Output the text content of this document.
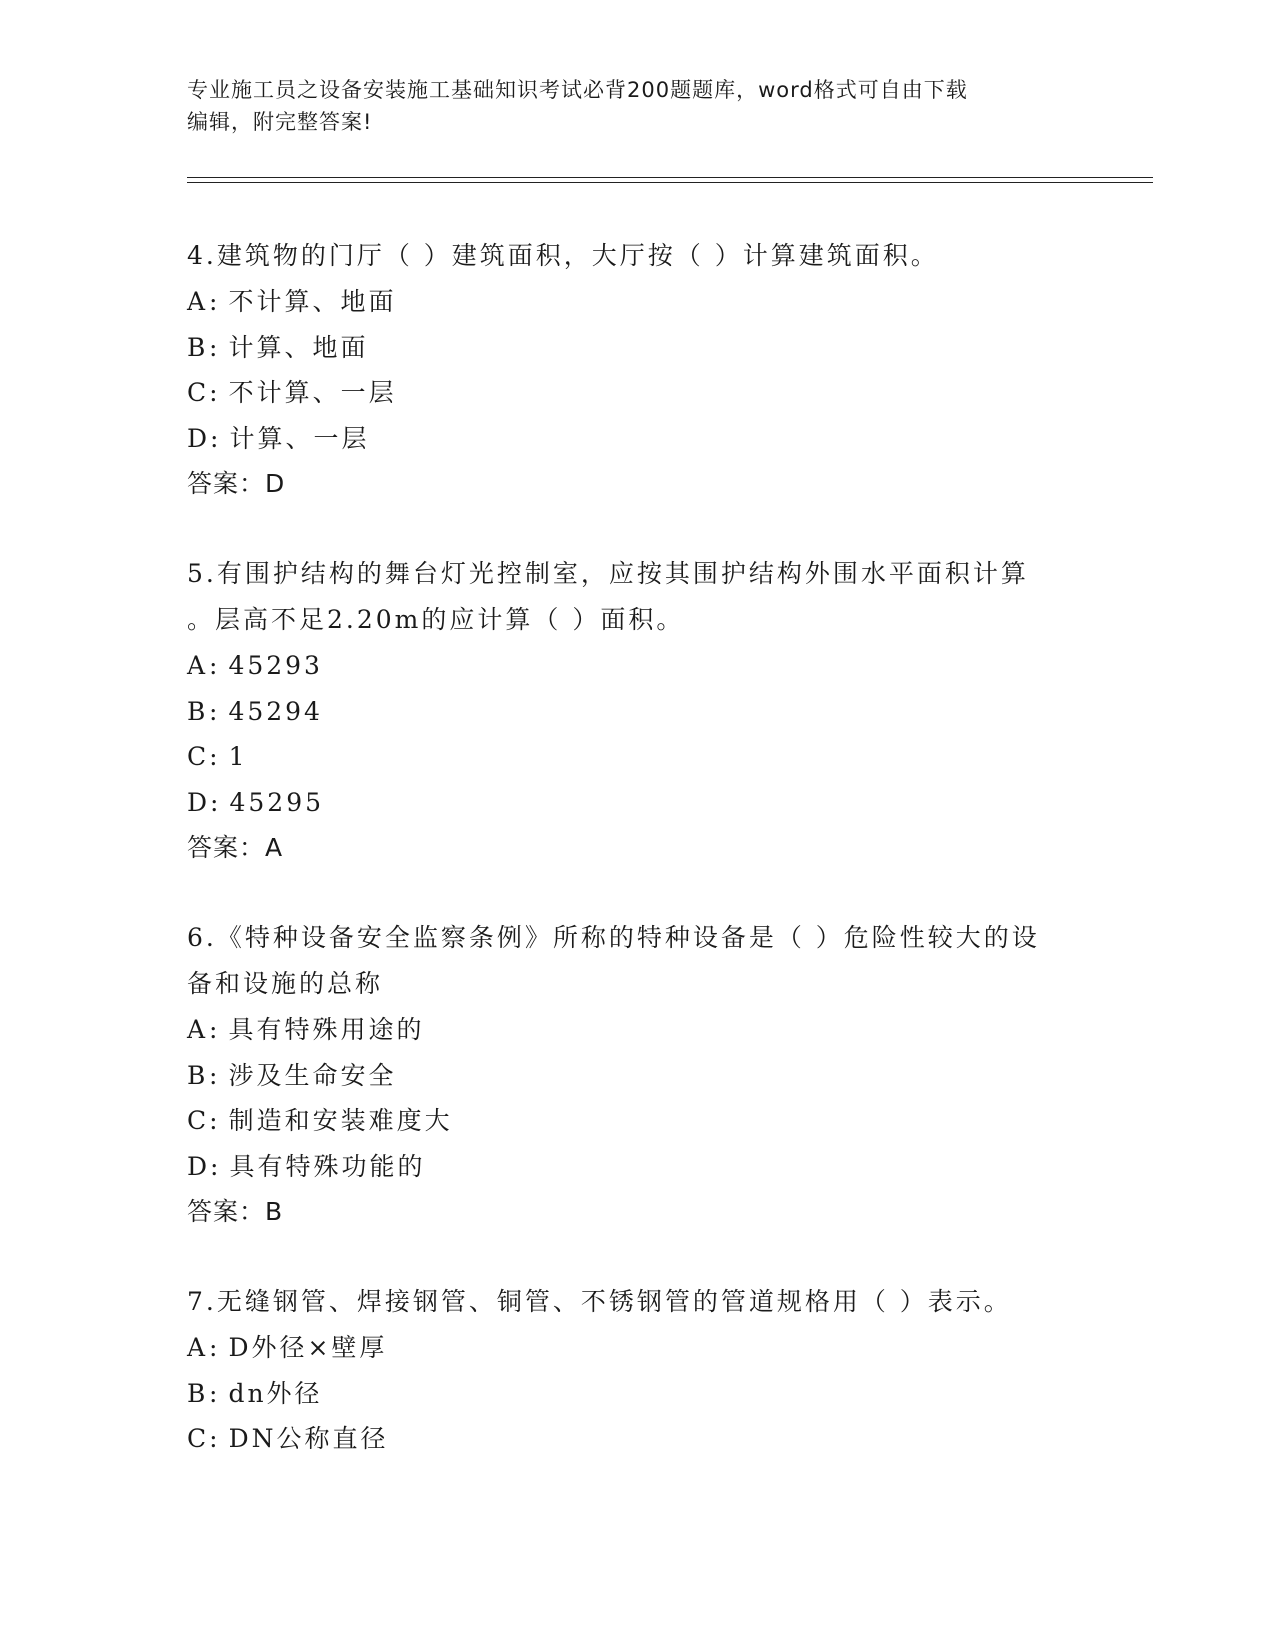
专业施工员之设备安装施工基础知识考试必背200题题库，word格式可自由下载
编辑，附完整答案!
4.建筑物的门厅（ ）建筑面积，大厅按（ ）计算建筑面积。
A: 不计算、地面
B: 计算、地面
C: 不计算、一层
D: 计算、一层
答案：D
5.有围护结构的舞台灯光控制室，应按其围护结构外围水平面积计算
。层高不足2.20m的应计算（ ）面积。
A: 45293
B: 45294
C: 1
D: 45295
答案：A
6.《特种设备安全监察条例》所称的特种设备是（ ）危险性较大的设
备和设施的总称
A: 具有特殊用途的
B: 涉及生命安全
C: 制造和安装难度大
D: 具有特殊功能的
答案：B
7.无缝钢管、焊接钢管、铜管、不锈钢管的管道规格用（ ）表示。
A: D外径×壁厚
B: dn外径
C: DN公称直径
